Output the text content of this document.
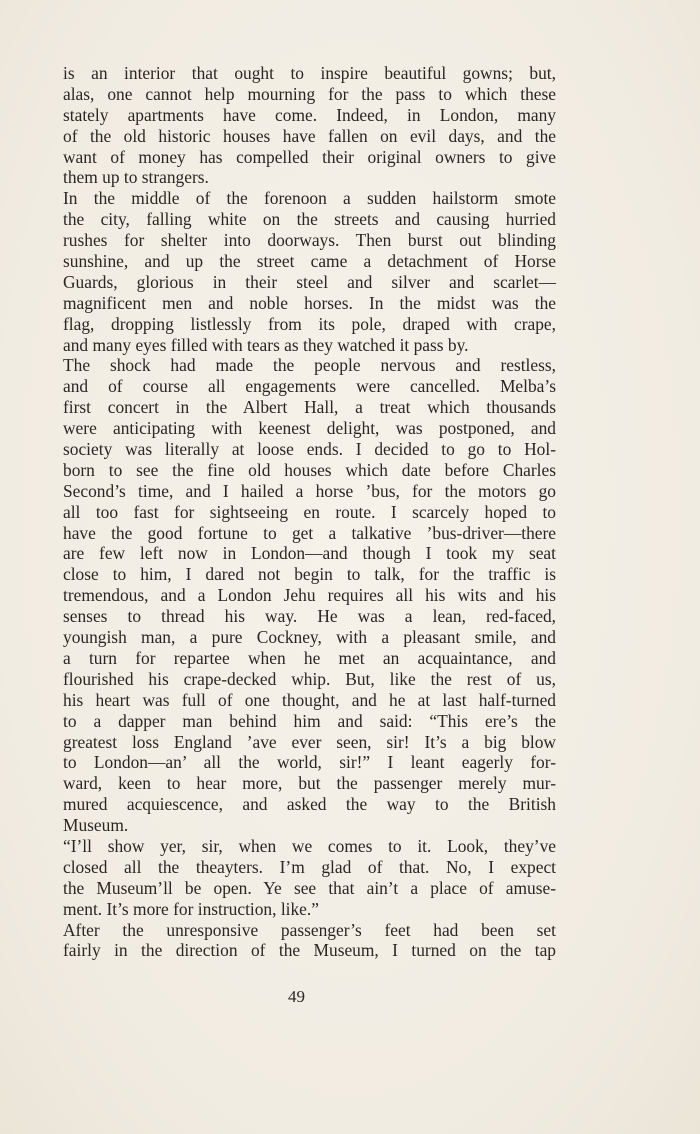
is an interior that ought to inspire beautiful gowns; but,
alas, one cannot help mourning for the pass to which these
stately apartments have come. Indeed, in London, many
of the old historic houses have fallen on evil days, and the
want of money has compelled their original owners to give
them up to strangers.
In the middle of the forenoon a sudden hailstorm smote
the city, falling white on the streets and causing hurried
rushes for shelter into doorways. Then burst out blinding
sunshine, and up the street came a detachment of Horse
Guards, glorious in their steel and silver and scarlet—
magnificent men and noble horses. In the midst was the
flag, dropping listlessly from its pole, draped with crape,
and many eyes filled with tears as they watched it pass by.
The shock had made the people nervous and restless,
and of course all engagements were cancelled. Melba’s
first concert in the Albert Hall, a treat which thousands
were anticipating with keenest delight, was postponed, and
society was literally at loose ends. I decided to go to Hol-
born to see the fine old houses which date before Charles
Second’s time, and I hailed a horse ’bus, for the motors go
all too fast for sightseeing en route. I scarcely hoped to
have the good fortune to get a talkative ’bus-driver—there
are few left now in London—and though I took my seat
close to him, I dared not begin to talk, for the traffic is
tremendous, and a London Jehu requires all his wits and his
senses to thread his way. He was a lean, red-faced,
youngish man, a pure Cockney, with a pleasant smile, and
a turn for repartee when he met an acquaintance, and
flourished his crape-decked whip. But, like the rest of us,
his heart was full of one thought, and he at last half-turned
to a dapper man behind him and said: “This ere’s the
greatest loss England ’ave ever seen, sir! It’s a big blow
to London—an’ all the world, sir!” I leant eagerly for-
ward, keen to hear more, but the passenger merely mur-
mured acquiescence, and asked the way to the British
Museum.
“I’ll show yer, sir, when we comes to it. Look, they’ve
closed all the theayters. I’m glad of that. No, I expect
the Museum’ll be open. Ye see that ain’t a place of amuse-
ment. It’s more for instruction, like.”
After the unresponsive passenger’s feet had been set
fairly in the direction of the Museum, I turned on the tap
49
